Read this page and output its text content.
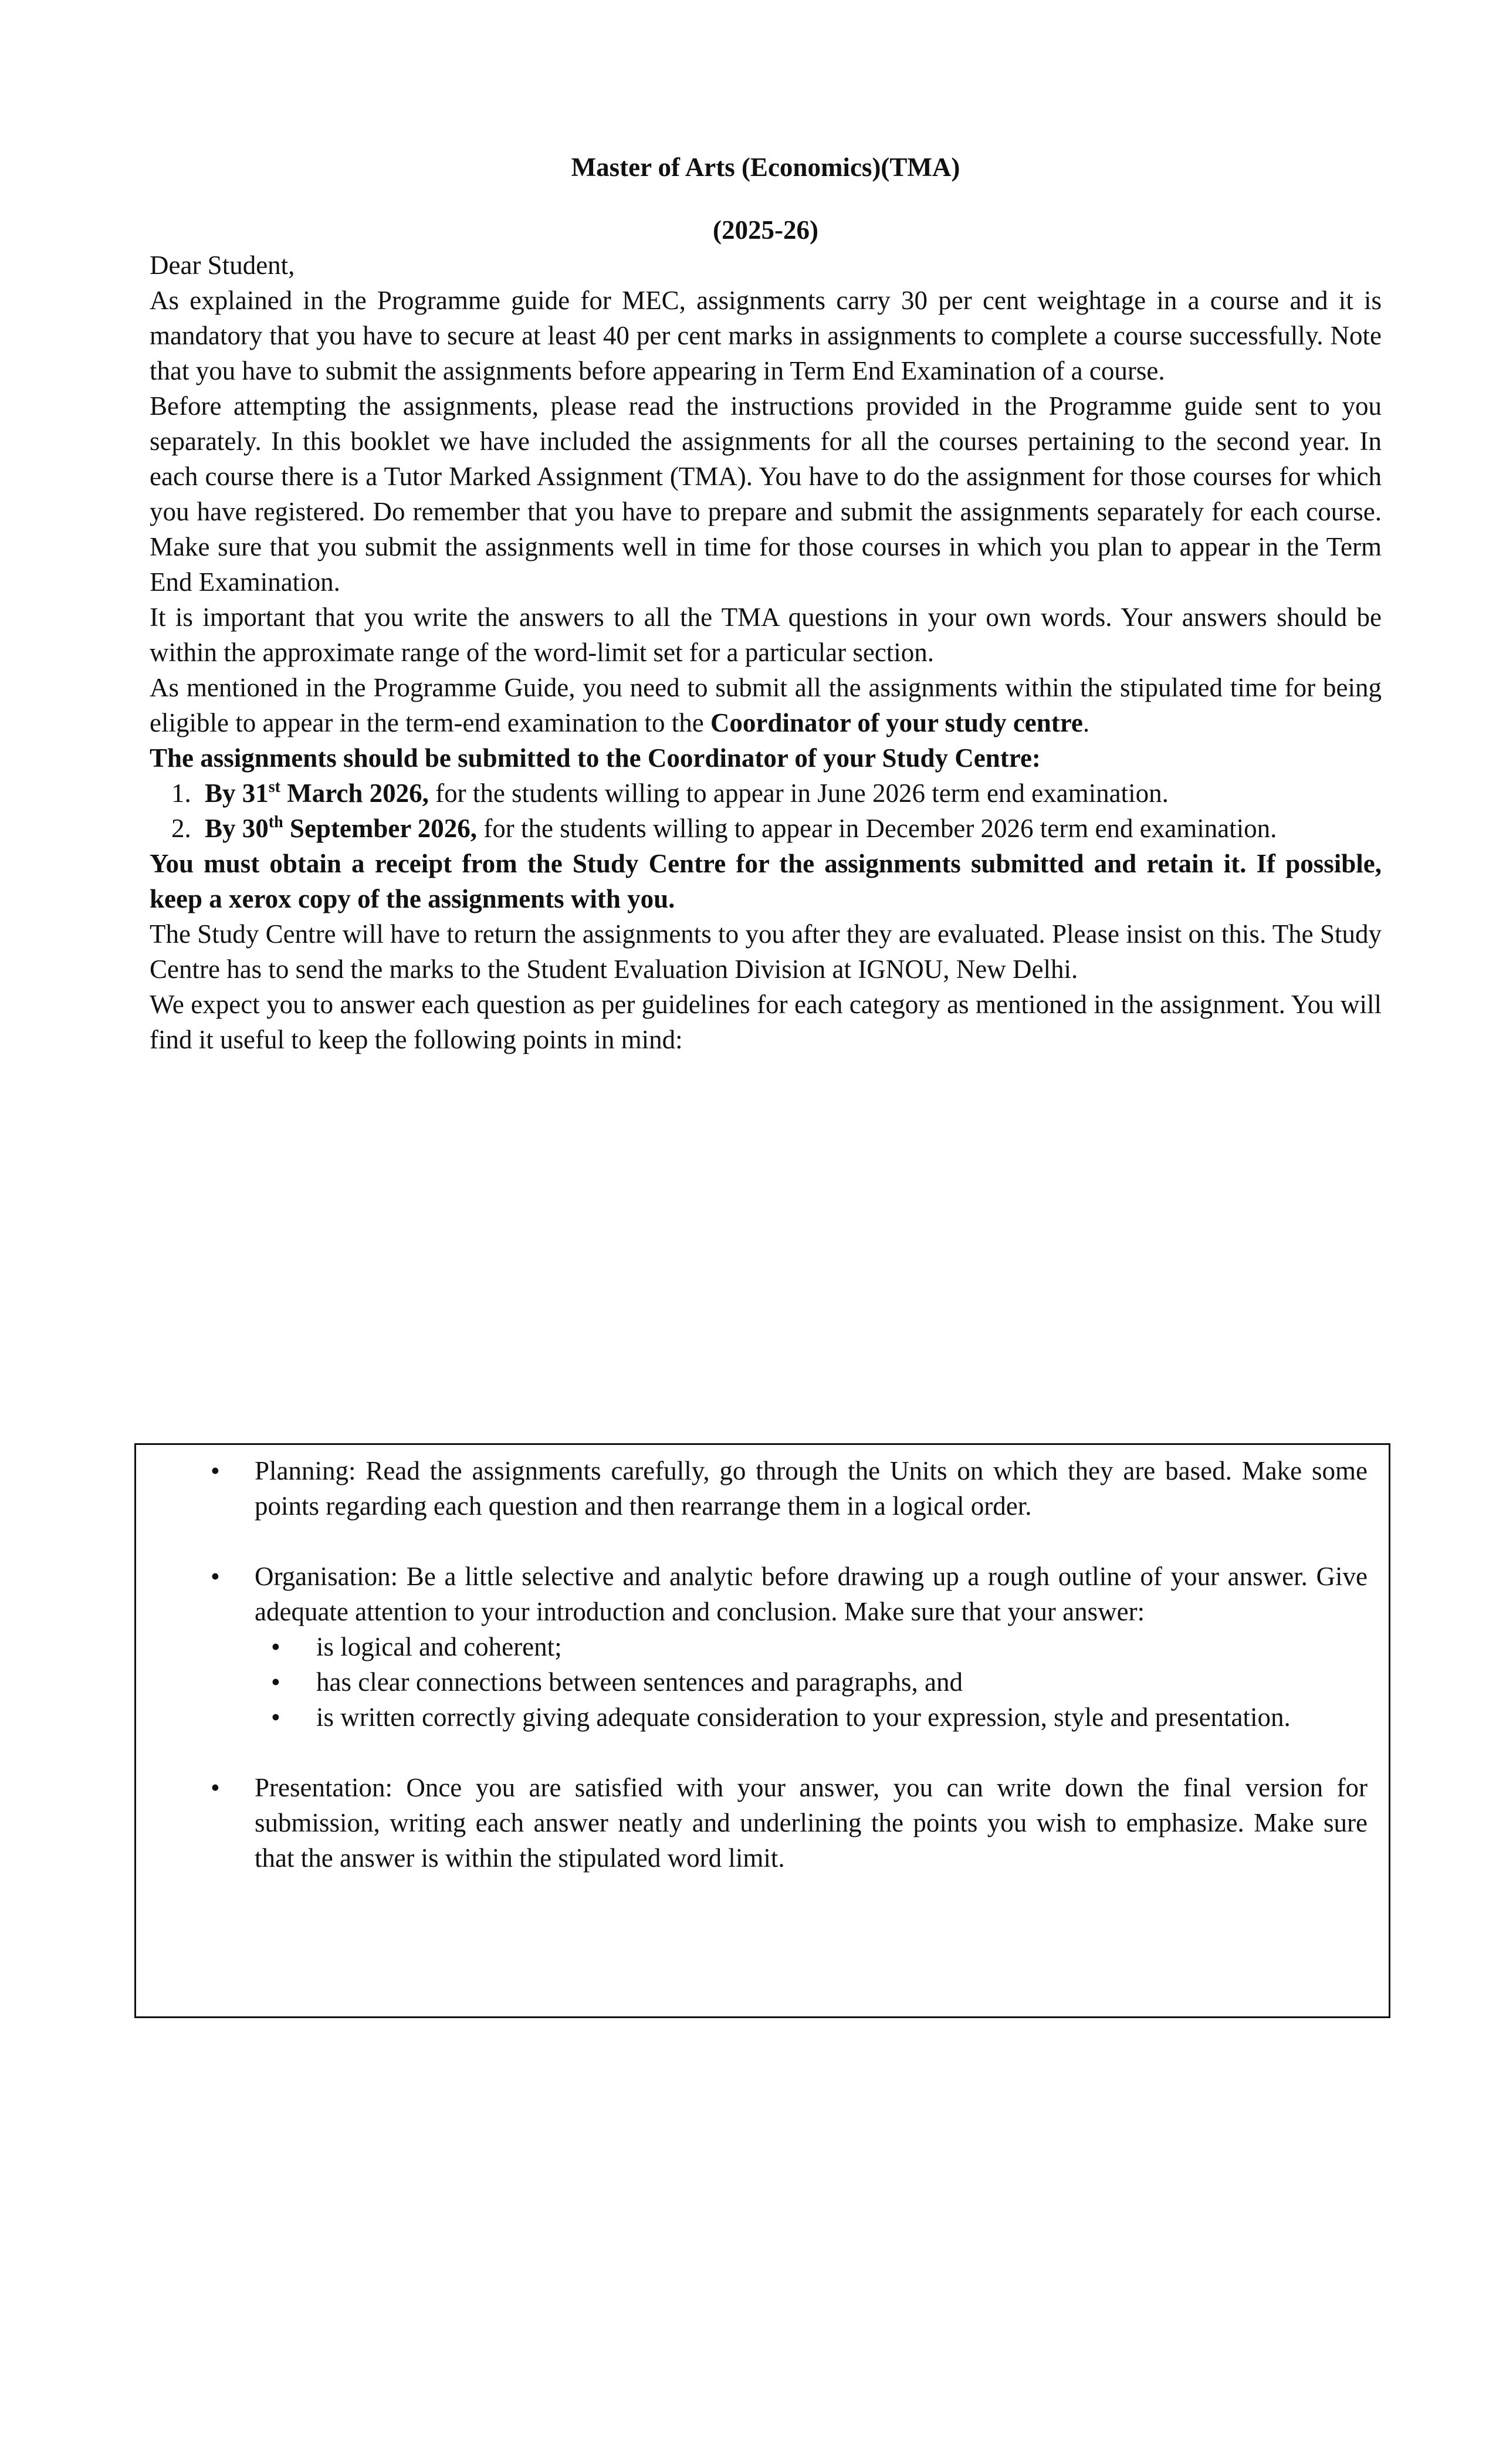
Master of Arts (Economics)(TMA)
(2025-26)

Dear Student,

As explained in the Programme guide for MEC, assignments carry 30 per cent weightage in a course and it is mandatory that you have to secure at least 40 per cent marks in assignments to complete a course successfully. Note that you have to submit the assignments before appearing in Term End Examination of a course.

Before attempting the assignments, please read the instructions provided in the Programme guide sent to you separately. In this booklet we have included the assignments for all the courses pertaining to the second year. In each course there is a Tutor Marked Assignment (TMA). You have to do the assignment for those courses for which you have registered. Do remember that you have to prepare and submit the assignments separately for each course. Make sure that you submit the assignments well in time for those courses in which you plan to appear in the Term End Examination.

It is important that you write the answers to all the TMA questions in your own words. Your answers should be within the approximate range of the word-limit set for a particular section.

As mentioned in the Programme Guide, you need to submit all the assignments within the stipulated time for being eligible to appear in the term-end examination to the Coordinator of your study centre.

The assignments should be submitted to the Coordinator of your Study Centre:

1. By 31st March 2026, for the students willing to appear in June 2026 term end examination.
2. By 30th September 2026, for the students willing to appear in December 2026 term end examination.

You must obtain a receipt from the Study Centre for the assignments submitted and retain it. If possible, keep a xerox copy of the assignments with you.

The Study Centre will have to return the assignments to you after they are evaluated. Please insist on this. The Study Centre has to send the marks to the Student Evaluation Division at IGNOU, New Delhi.

We expect you to answer each question as per guidelines for each category as mentioned in the assignment. You will find it useful to keep the following points in mind:

• Planning: Read the assignments carefully, go through the Units on which they are based. Make some points regarding each question and then rearrange them in a logical order.
• Organisation: Be a little selective and analytic before drawing up a rough outline of your answer. Give adequate attention to your introduction and conclusion. Make sure that your answer:
• is logical and coherent;
• has clear connections between sentences and paragraphs, and
• is written correctly giving adequate consideration to your expression, style and presentation.
• Presentation: Once you are satisfied with your answer, you can write down the final version for submission, writing each answer neatly and underlining the points you wish to emphasize. Make sure that the answer is within the stipulated word limit.
